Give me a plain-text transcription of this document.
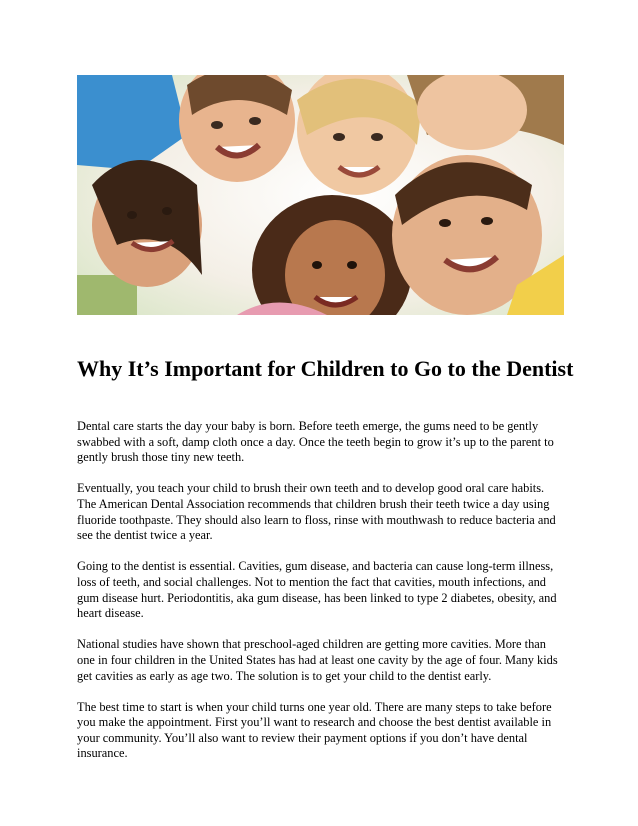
Why It’s Important for Children to Go to the Dentist

Dental care starts the day your baby is born. Before teeth emerge, the gums need to be gently swabbed with a soft, damp cloth once a day. Once the teeth begin to grow it’s up to the parent to gently brush those tiny new teeth.

Eventually, you teach your child to brush their own teeth and to develop good oral care habits. The American Dental Association recommends that children brush their teeth twice a day using fluoride toothpaste. They should also learn to floss, rinse with mouthwash to reduce bacteria and see the dentist twice a year.

Going to the dentist is essential. Cavities, gum disease, and bacteria can cause long-term illness, loss of teeth, and social challenges. Not to mention the fact that cavities, mouth infections, and gum disease hurt. Periodontitis, aka gum disease, has been linked to type 2 diabetes, obesity, and heart disease.

National studies have shown that preschool-aged children are getting more cavities. More than one in four children in the United States has had at least one cavity by the age of four. Many kids get cavities as early as age two. The solution is to get your child to the dentist early.

The best time to start is when your child turns one year old. There are many steps to take before you make the appointment. First you’ll want to research and choose the best dentist available in your community. You’ll also want to review their payment options if you don’t have dental insurance.
